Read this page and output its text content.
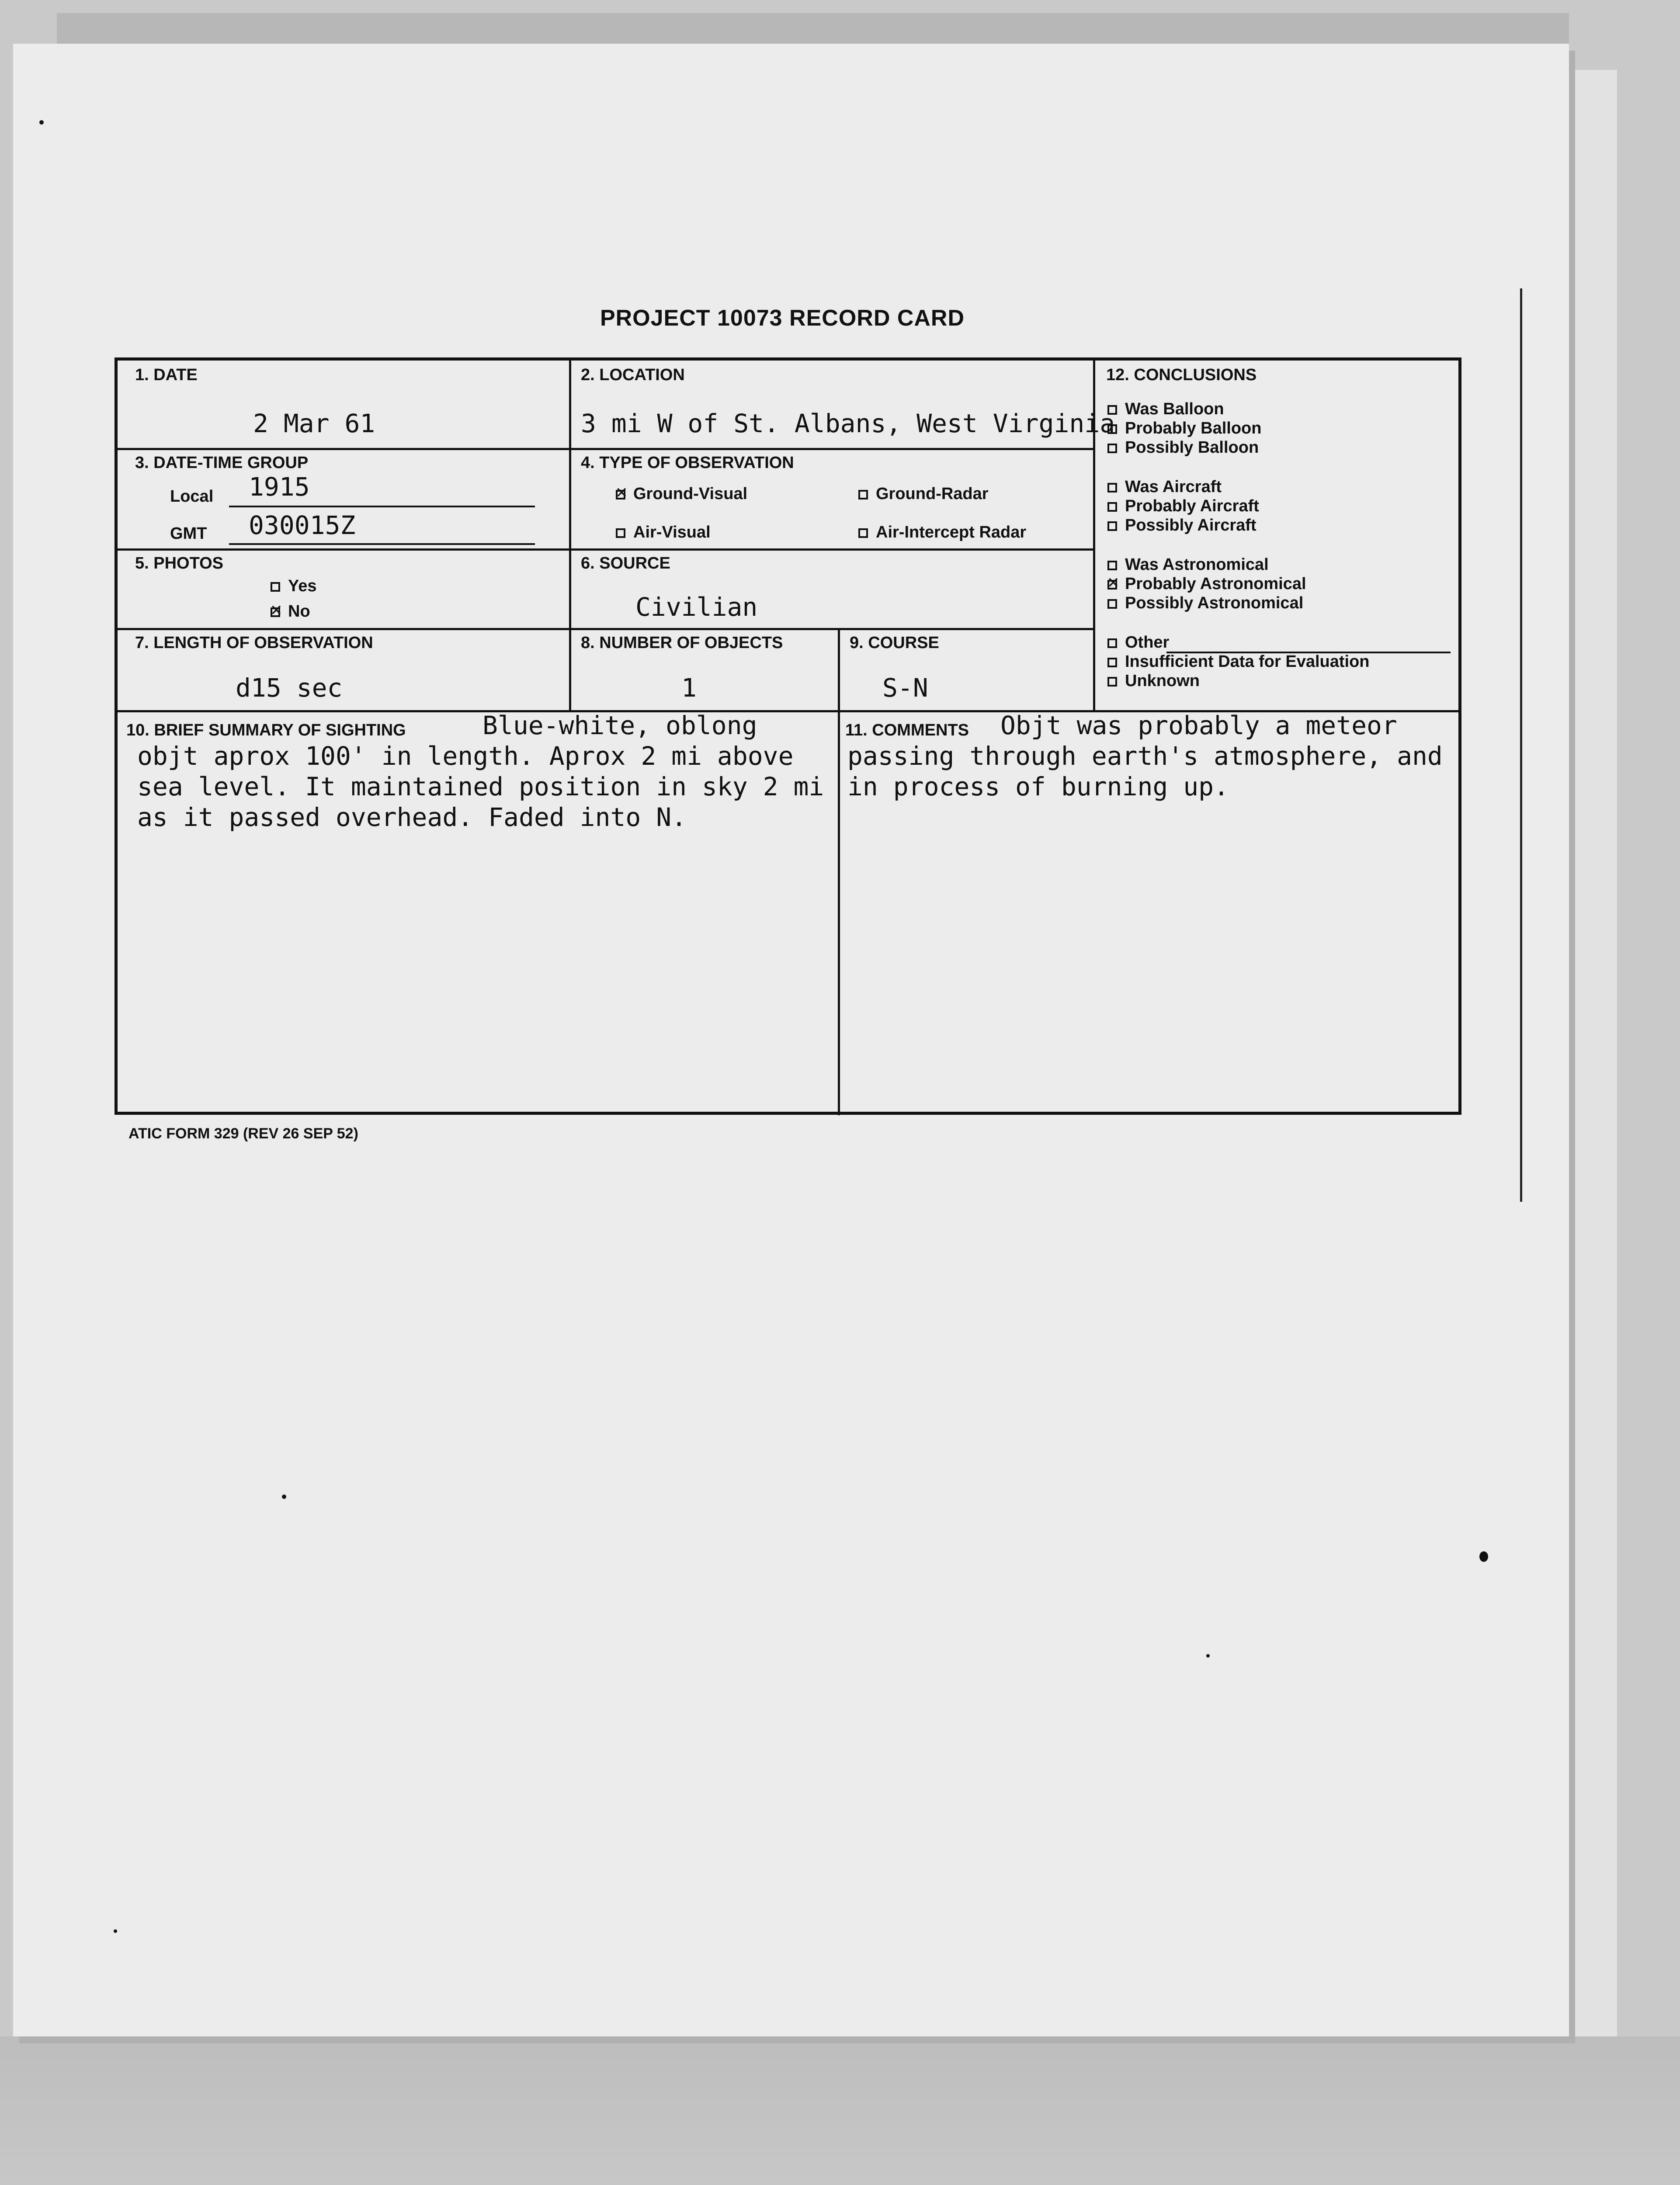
PROJECT 10073 RECORD CARD
1. DATE
2 Mar 61
2. LOCATION
3 mi W of St. Albans, West Virginia
3. DATE-TIME GROUP
Local 1915
GMT 030015Z
4. TYPE OF OBSERVATION
✕Ground-Visual	Ground-Radar
Air-Visual	Air-Intercept Radar
5. PHOTOS
Yes
✕No
6. SOURCE
Civilian
7. LENGTH OF OBSERVATION
d15 sec
8. NUMBER OF OBJECTS
1
9. COURSE
S-N
10. BRIEF SUMMARY OF SIGHTING	Blue-white, oblong objt aprox 100' in length. Aprox 2 mi above sea level. It maintained position in sky 2 mi as it passed overhead. Faded into N.
11. COMMENTS	Objt was probably a meteor passing through earth's atmosphere, and in process of burning up.
12. CONCLUSIONS
Was Balloon
Probably Balloon
Possibly Balloon
Was Aircraft
Probably Aircraft
Possibly Aircraft
Was Astronomical
✕Probably Astronomical
Possibly Astronomical
Other
Insufficient Data for Evaluation
Unknown
ATIC FORM 329 (REV 26 SEP 52)
